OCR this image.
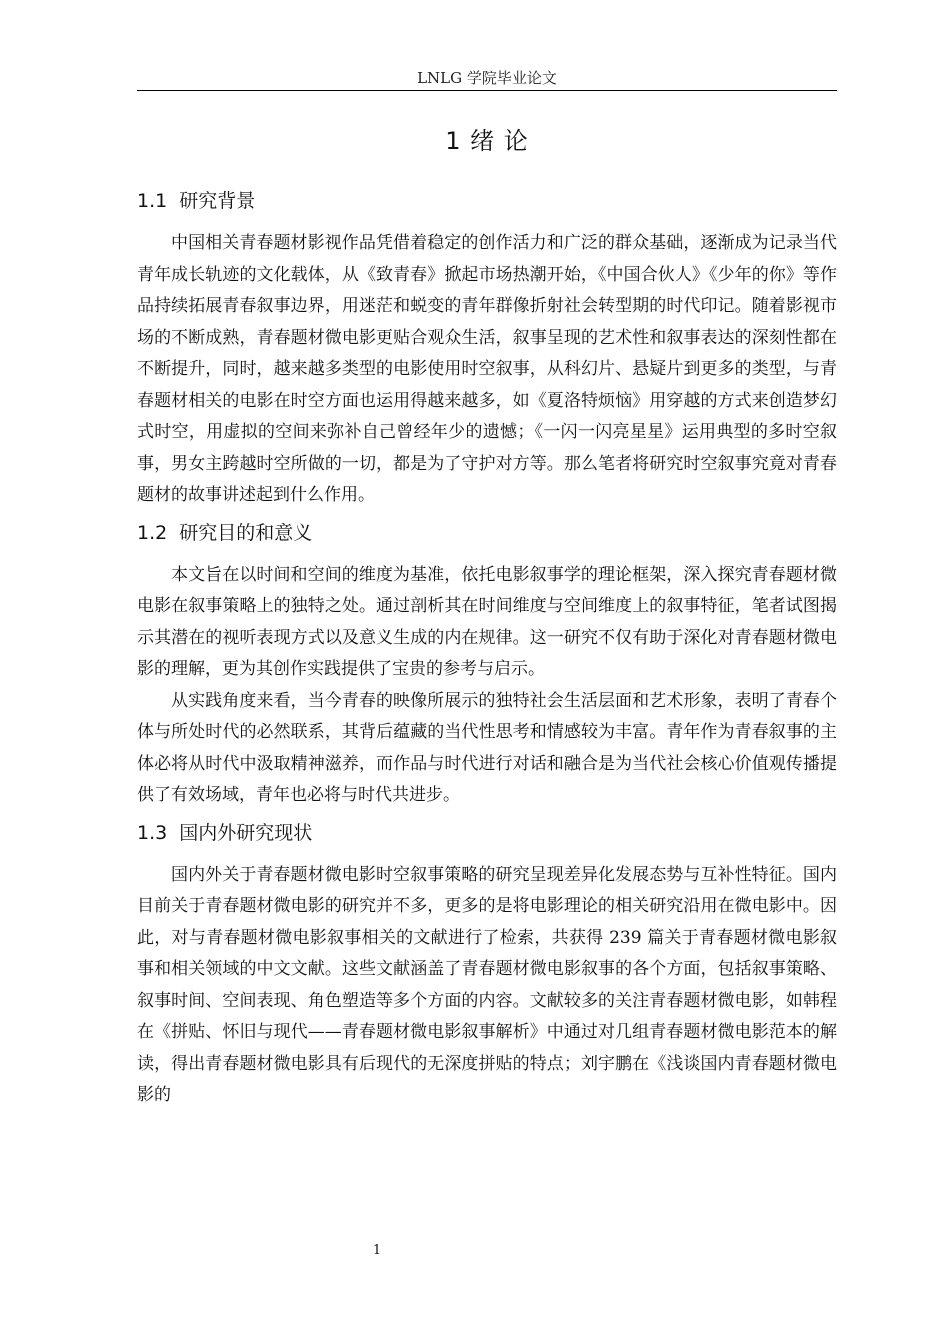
LNLG 学院毕业论文
1 绪 论
1.1 研究背景

中国相关青春题材影视作品凭借着稳定的创作活力和广泛的群众基础，逐渐成为记录当代青年成长轨迹的文化载体，从《致青春》掀起市场热潮开始，《中国合伙人》《少年的你》等作品持续拓展青春叙事边界，用迷茫和蜕变的青年群像折射社会转型期的时代印记。随着影视市场的不断成熟，青春题材微电影更贴合观众生活，叙事呈现的艺术性和叙事表达的深刻性都在不断提升，同时，越来越多类型的电影使用时空叙事，从科幻片、悬疑片到更多的类型，与青春题材相关的电影在时空方面也运用得越来越多，如《夏洛特烦恼》用穿越的方式来创造梦幻式时空，用虚拟的空间来弥补自己曾经年少的遗憾；《一闪一闪亮星星》运用典型的多时空叙事，男女主跨越时空所做的一切，都是为了守护对方等。那么笔者将研究时空叙事究竟对青春题材的故事讲述起到什么作用。

1.2 研究目的和意义

本文旨在以时间和空间的维度为基准，依托电影叙事学的理论框架，深入探究青春题材微电影在叙事策略上的独特之处。通过剖析其在时间维度与空间维度上的叙事特征，笔者试图揭示其潜在的视听表现方式以及意义生成的内在规律。这一研究不仅有助于深化对青春题材微电影的理解，更为其创作实践提供了宝贵的参考与启示。

从实践角度来看，当今青春的映像所展示的独特社会生活层面和艺术形象，表明了青春个体与所处时代的必然联系，其背后蕴藏的当代性思考和情感较为丰富。青年作为青春叙事的主体必将从时代中汲取精神滋养，而作品与时代进行对话和融合是为当代社会核心价值观传播提供了有效场域，青年也必将与时代共进步。

1.3 国内外研究现状

国内外关于青春题材微电影时空叙事策略的研究呈现差异化发展态势与互补性特征。国内目前关于青春题材微电影的研究并不多，更多的是将电影理论的相关研究沿用在微电影中。因此，对与青春题材微电影叙事相关的文献进行了检索，共获得 239 篇关于青春题材微电影叙事和相关领域的中文文献。这些文献涵盖了青春题材微电影叙事的各个方面，包括叙事策略、叙事时间、空间表现、角色塑造等多个方面的内容。文献较多的关注青春题材微电影，如韩程在《拼贴、怀旧与现代——青春题材微电影叙事解析》中通过对几组青春题材微电影范本的解读，得出青春题材微电影具有后现代的无深度拼贴的特点；刘宇鹏在《浅谈国内青春题材微电影的

1
